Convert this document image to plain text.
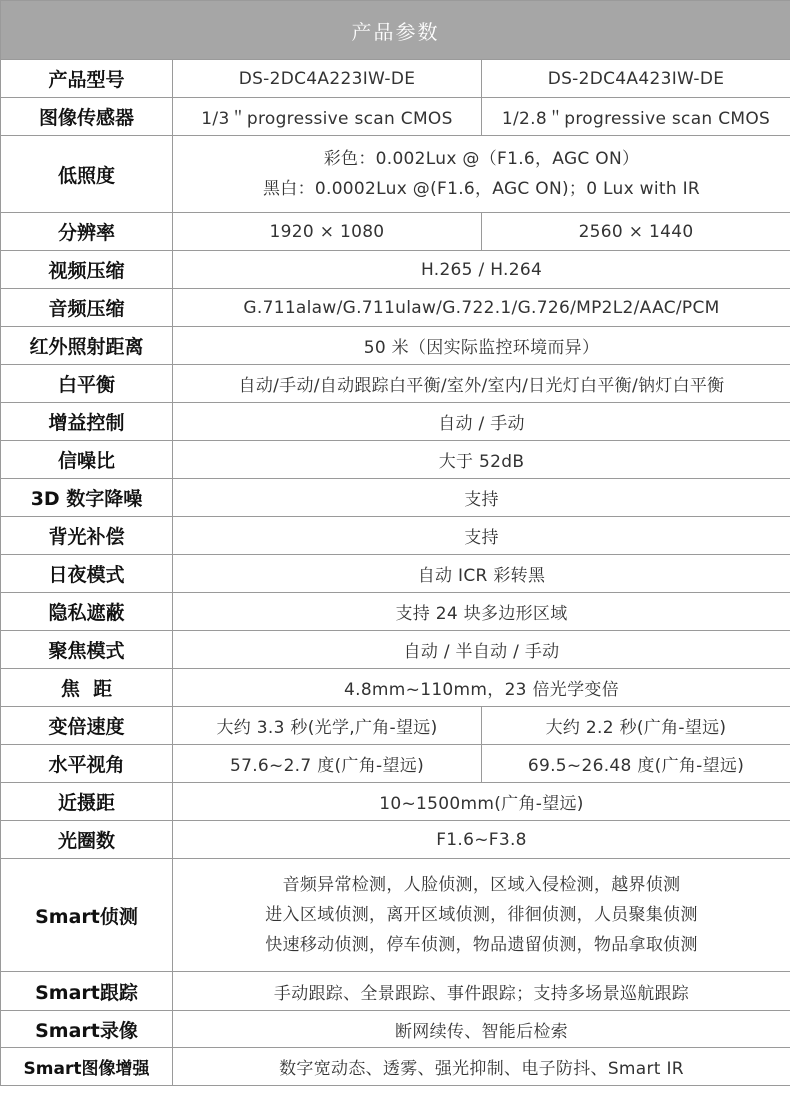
产品参数		
产品型号	DS-2DC4A223IW-DE	DS-2DC4A423IW-DE
图像传感器	1/3＂progressive scan CMOS	1/2.8＂progressive scan CMOS
低照度	彩色：0.002Lux @（F1.6，AGC ON）
黑白：0.0002Lux @(F1.6，AGC ON)；0 Lux with IR	

分辨率	1920 × 1080	2560 × 1440
视频压缩	H.265 / H.264	
音频压缩	G.711alaw/G.711ulaw/G.722.1/G.726/MP2L2/AAC/PCM	
红外照射距离	50 米（因实际监控环境而异）	
白平衡	自动/手动/自动跟踪白平衡/室外/室内/日光灯白平衡/钠灯白平衡	
增益控制	自动 / 手动	
信噪比	大于 52dB	
3D 数字降噪	支持	
背光补偿	支持	
日夜模式	自动 ICR 彩转黑	
隐私遮蔽	支持 24 块多边形区域	
聚焦模式	自动 / 半自动 / 手动	
焦  距	4.8mm~110mm，23 倍光学变倍	
变倍速度	大约 3.3 秒(光学,广角-望远)	大约 2.2 秒(广角-望远)
水平视角	57.6~2.7 度(广角-望远)	69.5~26.48 度(广角-望远)
近摄距	10~1500mm(广角-望远)	
光圈数	F1.6~F3.8	
Smart侦测	音频异常检测，人脸侦测，区域入侵检测，越界侦测
进入区域侦测，离开区域侦测，徘徊侦测，人员聚集侦测
快速移动侦测，停车侦测，物品遗留侦测，物品拿取侦测	

Smart跟踪	手动跟踪、全景跟踪、事件跟踪；支持多场景巡航跟踪	
Smart录像	断网续传、智能后检索	
Smart图像增强	数字宽动态、透雾、强光抑制、电子防抖、Smart IR	
